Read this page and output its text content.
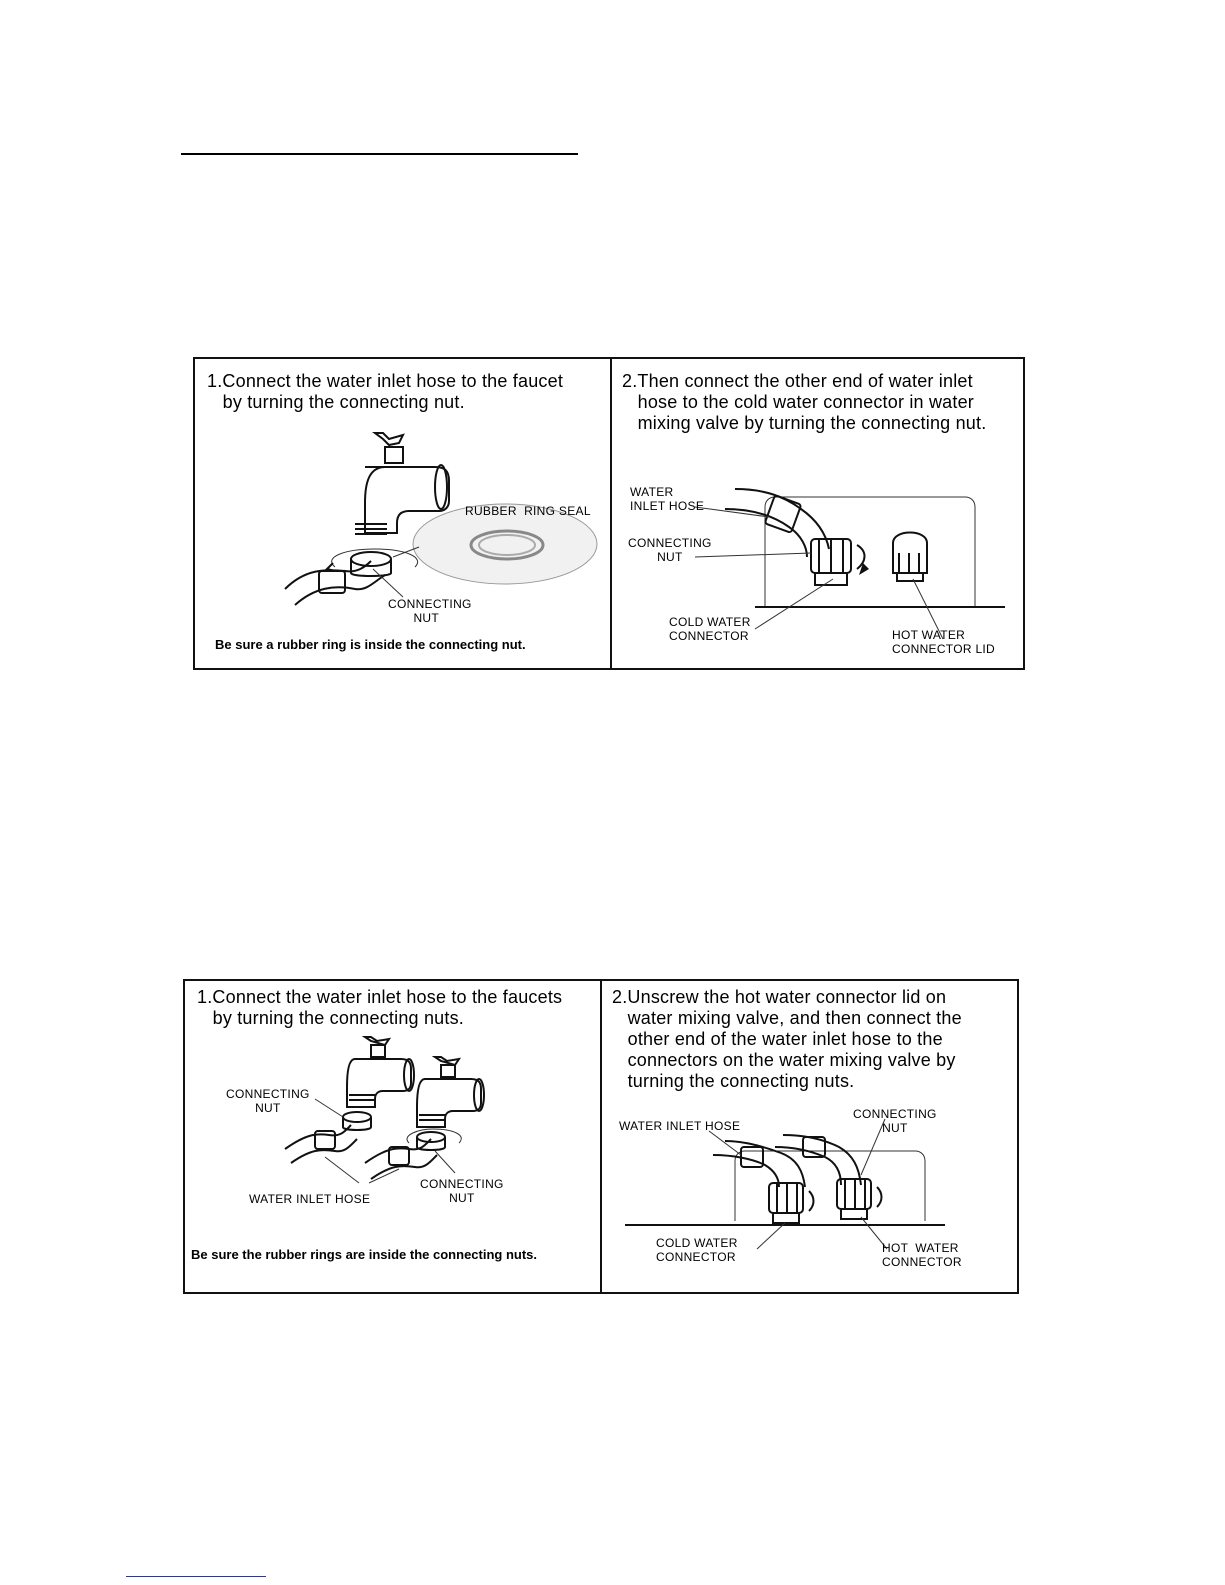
1.Connect the water inlet hose to the faucet
by turning the connecting nut.
RUBBER  RING SEAL
CONNECTING
NUT
Be sure a rubber ring is inside the connecting nut.
2.Then connect the other end of water inlet
hose to the cold water connector in water
mixing valve by turning the connecting nut.
WATER
INLET HOSE
CONNECTING
NUT
COLD WATER
CONNECTOR	HOT WATER
CONNECTOR LID
1.Connect the water inlet hose to the faucets
by turning the connecting nuts.
CONNECTING
NUT
CONNECTING
NUT
WATER INLET HOSE
Be sure the rubber rings are inside the connecting nuts.
2.Unscrew the hot water connector lid on
water mixing valve, and then connect the
other end of the water inlet hose to the
connectors on the water mixing valve by
turning the connecting nuts.
WATER INLET HOSE
CONNECTING
NUT
COLD WATER
CONNECTOR
HOT  WATER
CONNECTOR
